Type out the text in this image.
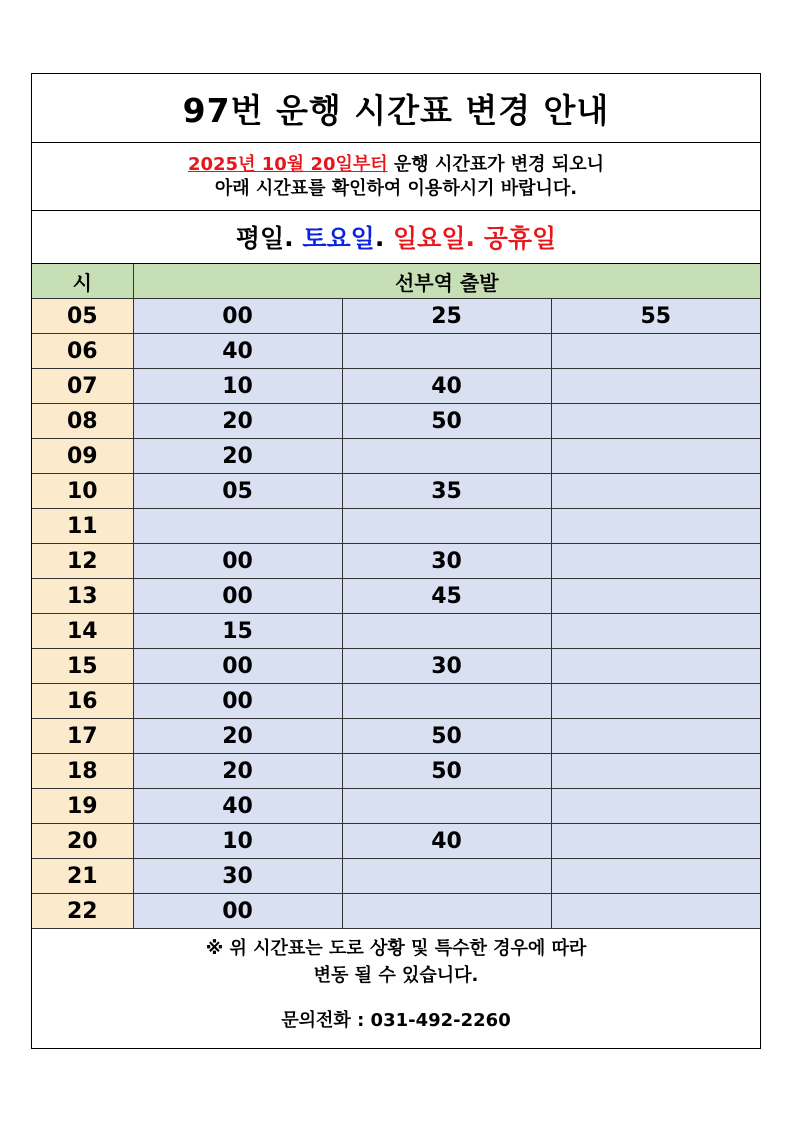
97번 운행 시간표 변경 안내
2025년 10월 20일부터 운행 시간표가 변경 되오니
아래 시간표를 확인하여 이용하시기 바랍니다.
평일 . 토요일 . 일요일 . 공휴일
시	선부역 출발		
05	00	25	55
06	40		
07	10	40	
08	20	50	
09	20		
10	05	35	
11			
12	00	30	
13	00	45	
14	15		
15	00	30	
16	00		
17	20	50	
18	20	50	
19	40		
20	10	40	
21	30		
22	00		
※ 위 시간표는 도로 상황 및 특수한 경우에 따라
변동 될 수 있습니다.
문의전화 : 031-492-2260
